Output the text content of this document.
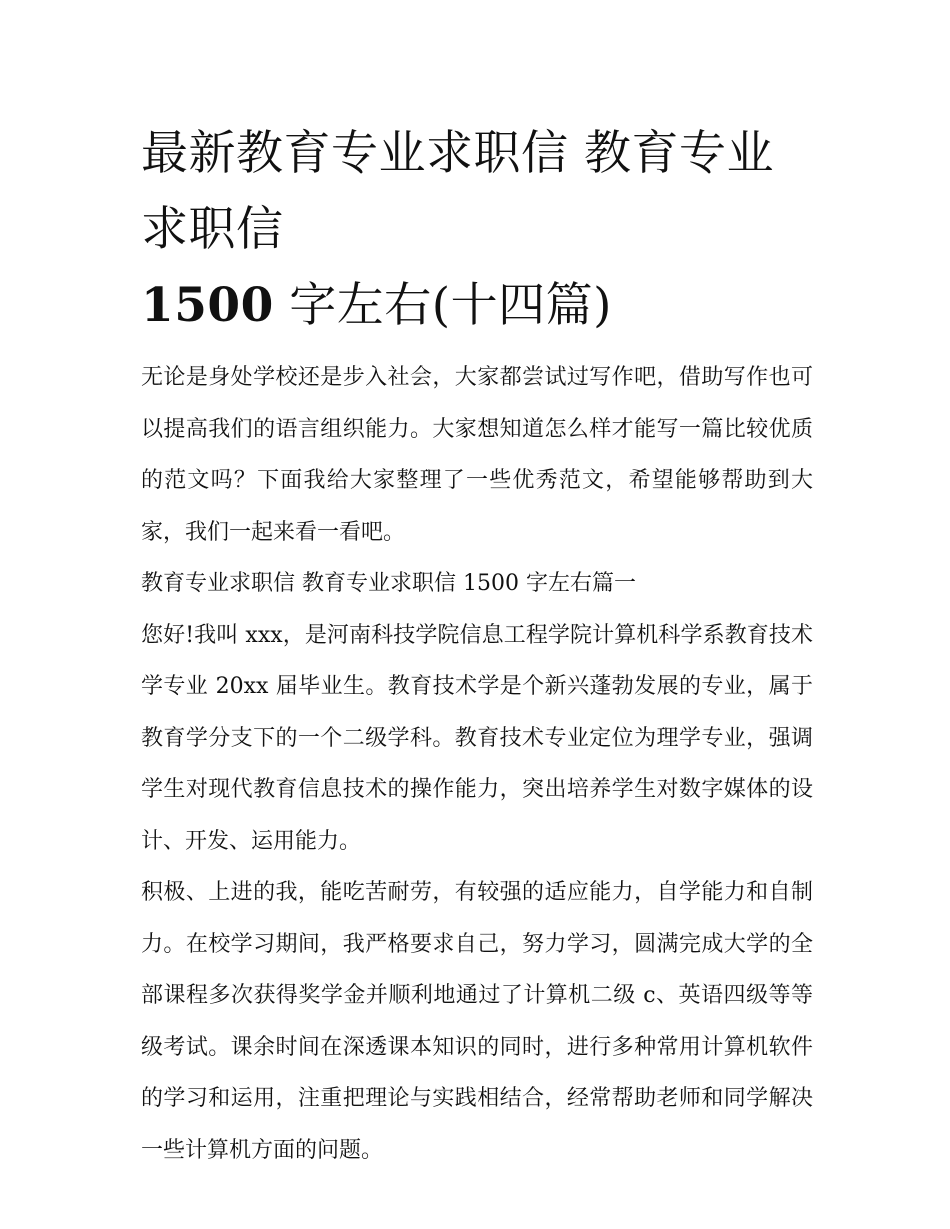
最新教育专业求职信 教育专业求职信
1500 字左右(十四篇)

无论是身处学校还是步入社会，大家都尝试过写作吧，借助写作也可以提高我们的语言组织能力。大家想知道怎么样才能写一篇比较优质的范文吗？下面我给大家整理了一些优秀范文，希望能够帮助到大家，我们一起来看一看吧。

教育专业求职信 教育专业求职信 1500 字左右篇一

您好!我叫 xxx，是河南科技学院信息工程学院计算机科学系教育技术学专业 20xx 届毕业生。教育技术学是个新兴蓬勃发展的专业，属于教育学分支下的一个二级学科。教育技术专业定位为理学专业，强调学生对现代教育信息技术的操作能力，突出培养学生对数字媒体的设计、开发、运用能力。

积极、上进的我，能吃苦耐劳，有较强的适应能力，自学能力和自制力。在校学习期间，我严格要求自己，努力学习，圆满完成大学的全部课程多次获得奖学金并顺利地通过了计算机二级 c、英语四级等等级考试。课余时间在深透课本知识的同时，进行多种常用计算机软件的学习和运用，注重把理论与实践相结合，经常帮助老师和同学解决一些计算机方面的问题。
